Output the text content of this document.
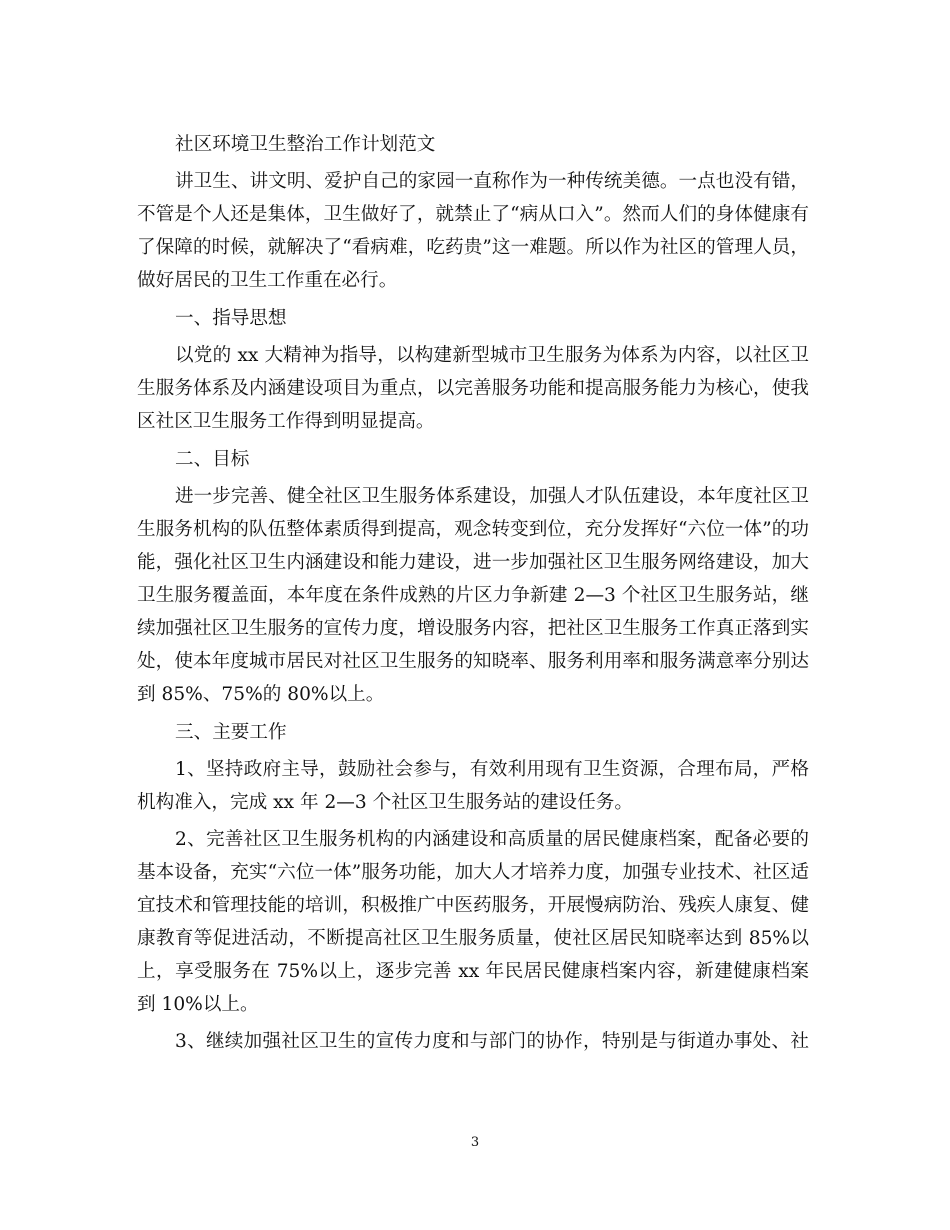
社区环境卫生整治工作计划范文
讲卫生、讲文明、爱护自己的家园一直称作为一种传统美德。一点也没有错，
不管是个人还是集体，卫生做好了，就禁止了“病从口入”。然而人们的身体健康有
了保障的时候，就解决了“看病难，吃药贵”这一难题。所以作为社区的管理人员，
做好居民的卫生工作重在必行。
一、指导思想
以党的 xx 大精神为指导，以构建新型城市卫生服务为体系为内容，以社区卫
生服务体系及内涵建设项目为重点，以完善服务功能和提高服务能力为核心，使我
区社区卫生服务工作得到明显提高。
二、目标
进一步完善、健全社区卫生服务体系建设，加强人才队伍建设，本年度社区卫
生服务机构的队伍整体素质得到提高，观念转变到位，充分发挥好“六位一体”的功
能，强化社区卫生内涵建设和能力建设，进一步加强社区卫生服务网络建设，加大
卫生服务覆盖面，本年度在条件成熟的片区力争新建 2—3 个社区卫生服务站，继
续加强社区卫生服务的宣传力度，增设服务内容，把社区卫生服务工作真正落到实
处，使本年度城市居民对社区卫生服务的知晓率、服务利用率和服务满意率分别达
到 85%、75%的 80%以上。
三、主要工作
1、坚持政府主导，鼓励社会参与，有效利用现有卫生资源，合理布局，严格
机构准入，完成 xx 年 2—3 个社区卫生服务站的建设任务。
2、完善社区卫生服务机构的内涵建设和高质量的居民健康档案，配备必要的
基本设备，充实“六位一体”服务功能，加大人才培养力度，加强专业技术、社区适
宜技术和管理技能的培训，积极推广中医药服务，开展慢病防治、残疾人康复、健
康教育等促进活动，不断提高社区卫生服务质量，使社区居民知晓率达到 85%以
上，享受服务在 75%以上，逐步完善 xx 年民居民健康档案内容，新建健康档案
到 10%以上。
3、继续加强社区卫生的宣传力度和与部门的协作，特别是与街道办事处、社
3
